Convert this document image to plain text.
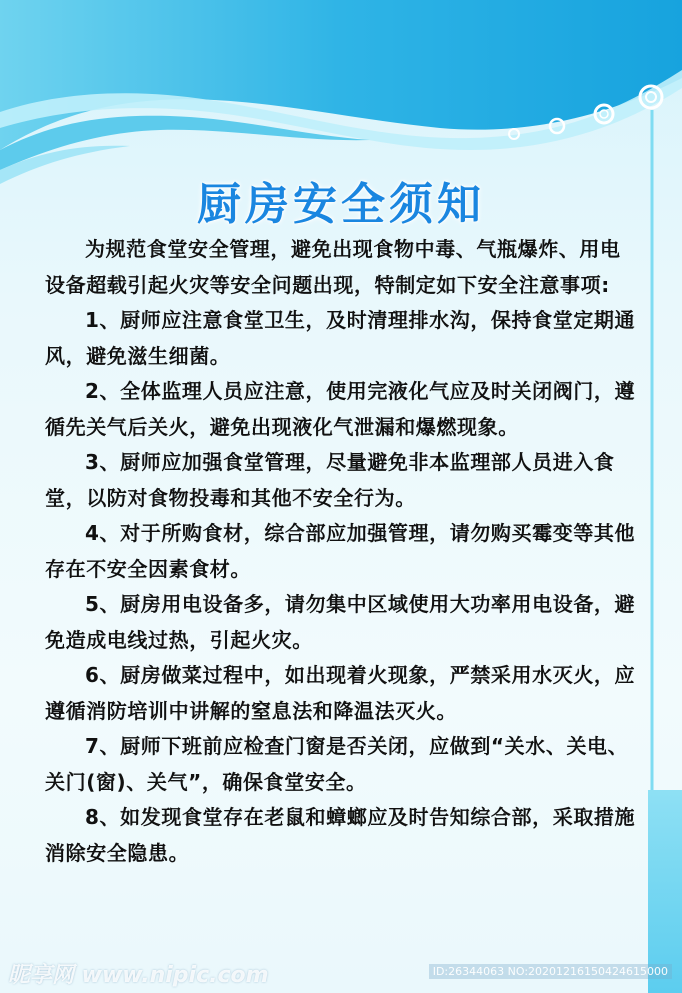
厨房安全须知

为规范食堂安全管理，避免出现食物中毒、气瓶爆炸、用电设备超载引起火灾等安全问题出现，特制定如下安全注意事项:

1、厨师应注意食堂卫生，及时清理排水沟，保持食堂定期通风，避免滋生细菌。

2、全体监理人员应注意，使用完液化气应及时关闭阀门，遵循先关气后关火，避免出现液化气泄漏和爆燃现象。

3、厨师应加强食堂管理，尽量避免非本监理部人员进入食堂，以防对食物投毒和其他不安全行为。

4、对于所购食材，综合部应加强管理，请勿购买霉变等其他存在不安全因素食材。

5、厨房用电设备多，请勿集中区域使用大功率用电设备，避免造成电线过热，引起火灾。

6、厨房做菜过程中，如出现着火现象，严禁采用水灭火，应遵循消防培训中讲解的窒息法和降温法灭火。

7、厨师下班前应检查门窗是否关闭，应做到“关水、关电、关门(窗)、关气”，确保食堂安全。

8、如发现食堂存在老鼠和蟑螂应及时告知综合部，采取措施消除安全隐患。

昵享网 www.nipic.com	ID:26344063 NO:20201216150424615000
